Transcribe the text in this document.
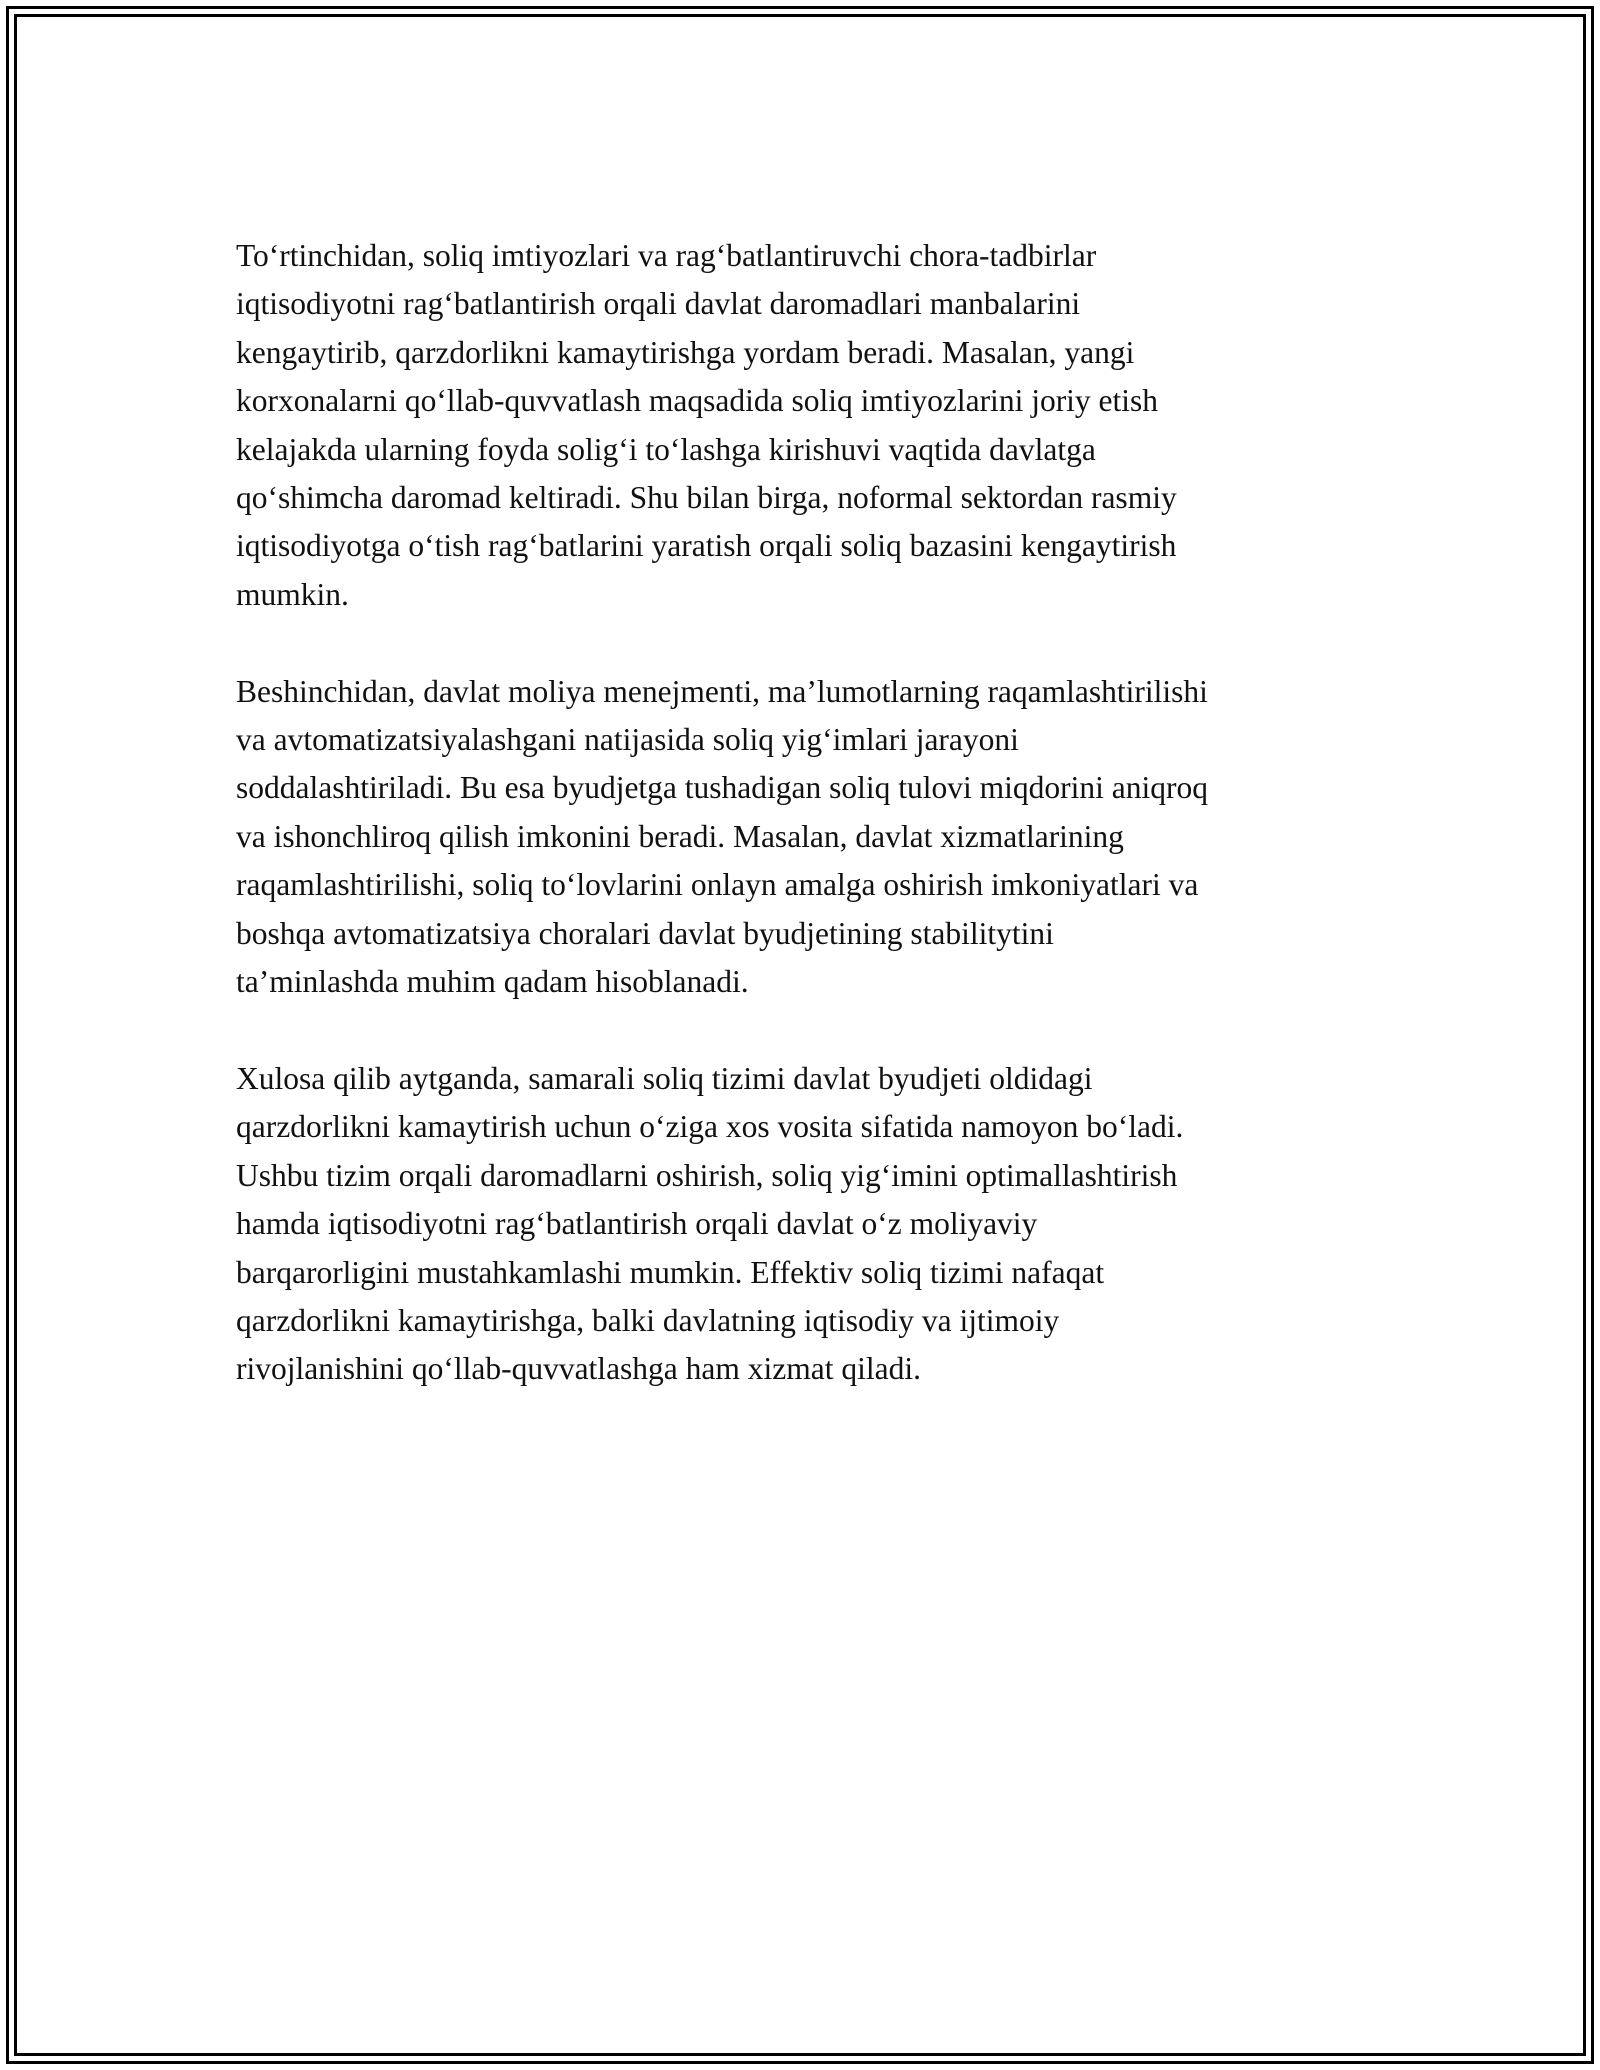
To‘rtinchidan, soliq imtiyozlari va rag‘batlantiruvchi chora-tadbirlar
iqtisodiyotni rag‘batlantirish orqali davlat daromadlari manbalarini
kengaytirib, qarzdorlikni kamaytirishga yordam beradi. Masalan, yangi
korxonalarni qo‘llab-quvvatlash maqsadida soliq imtiyozlarini joriy etish
kelajakda ularning foyda solig‘i to‘lashga kirishuvi vaqtida davlatga
qo‘shimcha daromad keltiradi. Shu bilan birga, noformal sektordan rasmiy
iqtisodiyotga o‘tish rag‘batlarini yaratish orqali soliq bazasini kengaytirish
mumkin.

Beshinchidan, davlat moliya menejmenti, ma’lumotlarning raqamlashtirilishi
va avtomatizatsiyalashgani natijasida soliq yig‘imlari jarayoni
soddalashtiriladi. Bu esa byudjetga tushadigan soliq tulovi miqdorini aniqroq
va ishonchliroq qilish imkonini beradi. Masalan, davlat xizmatlarining
raqamlashtirilishi, soliq to‘lovlarini onlayn amalga oshirish imkoniyatlari va
boshqa avtomatizatsiya choralari davlat byudjetining stabilitytini
ta’minlashda muhim qadam hisoblanadi.

Xulosa qilib aytganda, samarali soliq tizimi davlat byudjeti oldidagi
qarzdorlikni kamaytirish uchun o‘ziga xos vosita sifatida namoyon bo‘ladi.
Ushbu tizim orqali daromadlarni oshirish, soliq yig‘imini optimallashtirish
hamda iqtisodiyotni rag‘batlantirish orqali davlat o‘z moliyaviy
barqarorligini mustahkamlashi mumkin. Effektiv soliq tizimi nafaqat
qarzdorlikni kamaytirishga, balki davlatning iqtisodiy va ijtimoiy
rivojlanishini qo‘llab-quvvatlashga ham xizmat qiladi.
